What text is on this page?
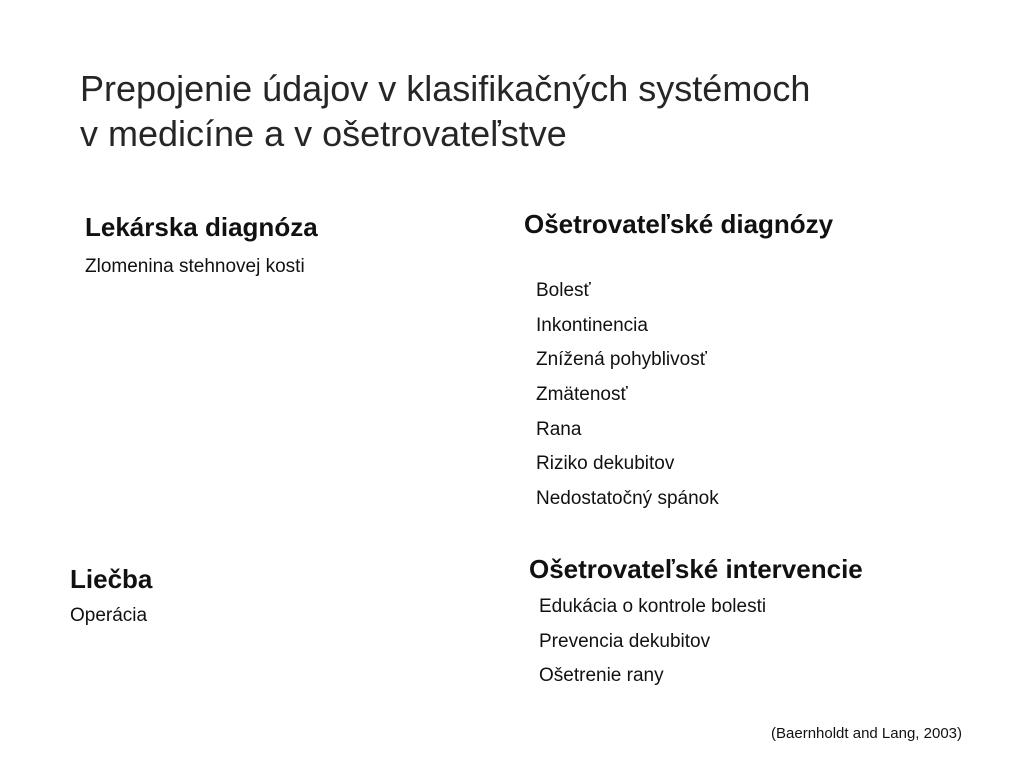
Prepojenie údajov v klasifikačných systémoch
v medicíne a v ošetrovateľstve
Lekárska diagnóza
Zlomenina stehnovej kosti
Ošetrovateľské diagnózy
Bolesť
Inkontinencia
Znížená pohyblivosť
Zmätenosť
Rana
Riziko dekubitov
Nedostatočný spánok
Liečba
Operácia
Ošetrovateľské intervencie
Edukácia o kontrole bolesti
Prevencia dekubitov
Ošetrenie rany
(Baernholdt and Lang, 2003)
